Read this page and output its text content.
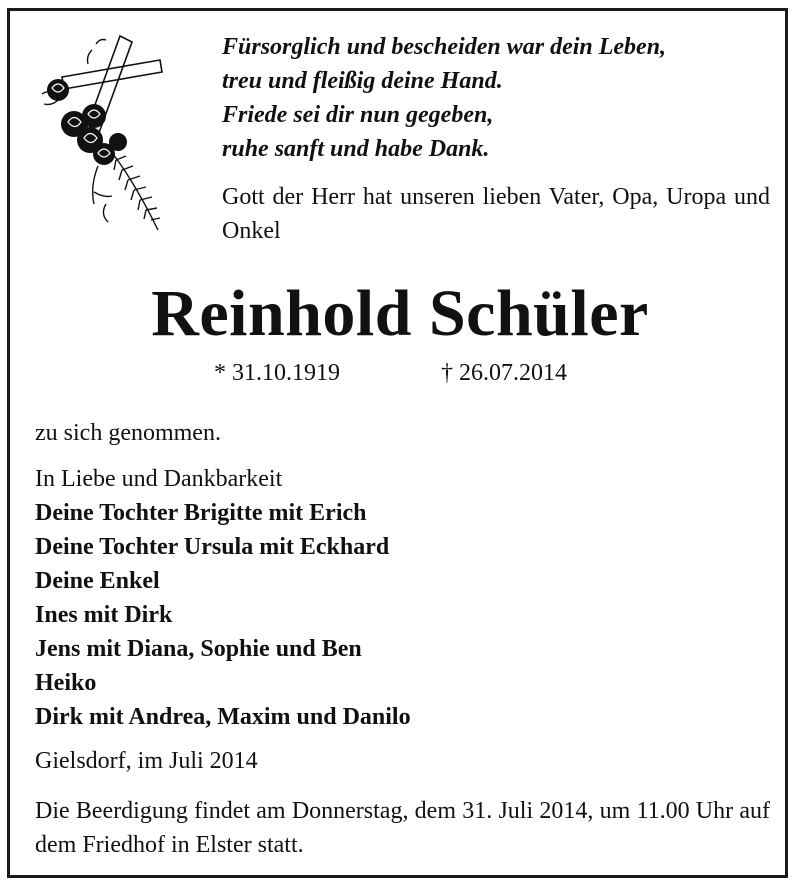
Fürsorglich und bescheiden war dein Leben,
treu und fleißig deine Hand.
Friede sei dir nun gegeben,
ruhe sanft und habe Dank.
Gott der Herr hat unseren lieben Vater, Opa, Uropa und Onkel
Reinhold Schüler
* 31.10.1919	† 26.07.2014
zu sich genommen.
In Liebe und Dankbarkeit
Deine Tochter Brigitte mit Erich
Deine Tochter Ursula mit Eckhard
Deine Enkel
Ines mit Dirk
Jens mit Diana, Sophie und Ben
Heiko
Dirk mit Andrea, Maxim und Danilo
Gielsdorf, im Juli 2014
Die Beerdigung findet am Donnerstag, dem 31. Juli 2014, um 11.00 Uhr auf dem Friedhof in Elster statt.
